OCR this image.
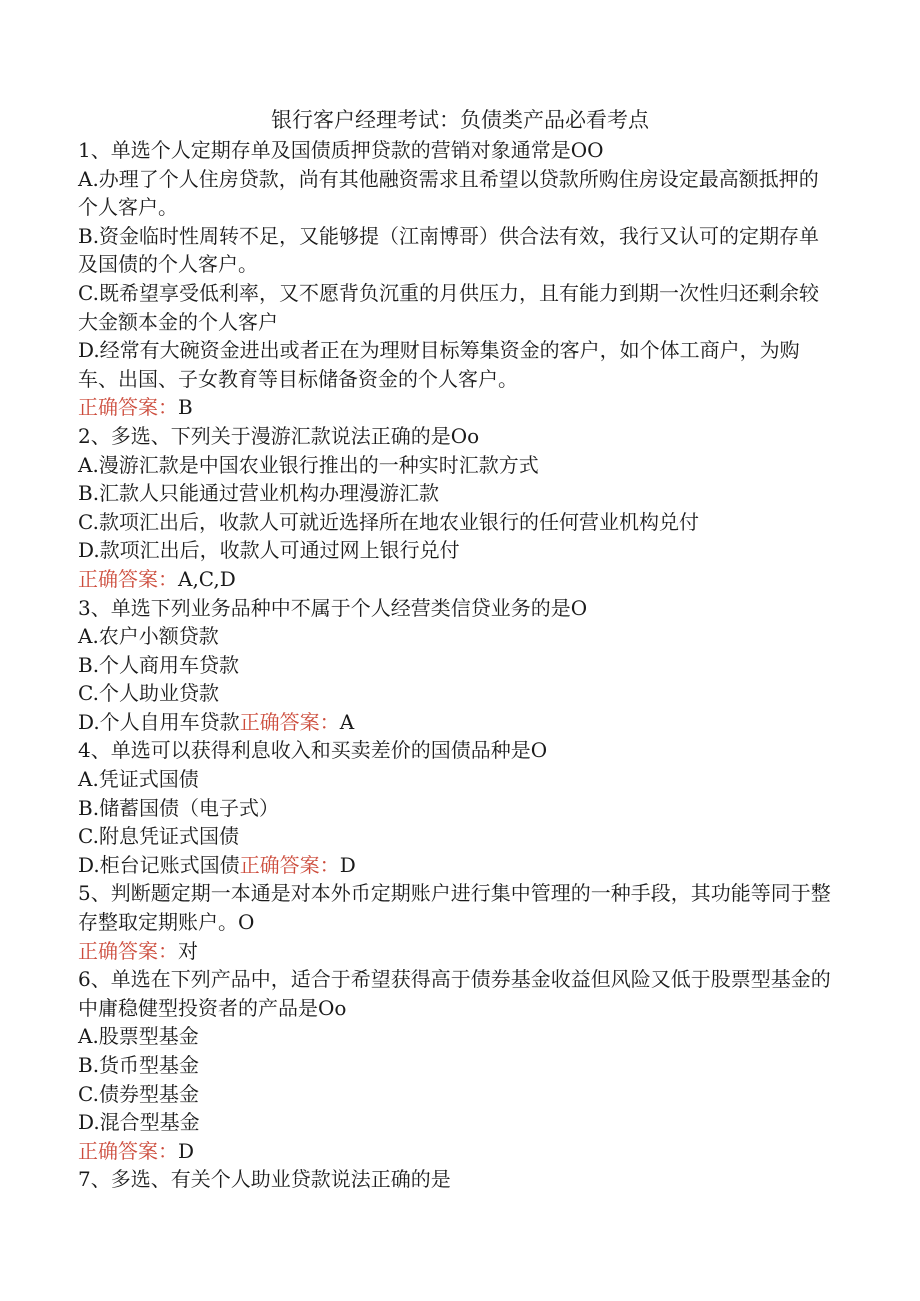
银行客户经理考试：负债类产品必看考点
1、单选个人定期存单及国债质押贷款的营销对象通常是OO
A.办理了个人住房贷款，尚有其他融资需求且希望以贷款所购住房设定最高额抵押的个人客户。
B.资金临时性周转不足，又能够提（江南博哥）供合法有效，我行又认可的定期存单及国债的个人客户。
C.既希望享受低利率，又不愿背负沉重的月供压力，且有能力到期一次性归还剩余较大金额本金的个人客户
D.经常有大碗资金进出或者正在为理财目标筹集资金的客户，如个体工商户，为购车、出国、子女教育等目标储备资金的个人客户。
正确答案：B
2、多选、下列关于漫游汇款说法正确的是Oo
A.漫游汇款是中国农业银行推出的一种实时汇款方式
B.汇款人只能通过营业机构办理漫游汇款
C.款项汇出后，收款人可就近选择所在地农业银行的任何营业机构兑付
D.款项汇出后，收款人可通过网上银行兑付
正确答案：A,C,D
3、单选下列业务品种中不属于个人经营类信贷业务的是O
A.农户小额贷款
B.个人商用车贷款
C.个人助业贷款
D.个人自用车贷款正确答案：A
4、单选可以获得利息收入和买卖差价的国债品种是O
A.凭证式国债
B.储蓄国债（电子式）
C.附息凭证式国债
D.柜台记账式国债正确答案：D
5、判断题定期一本通是对本外币定期账户进行集中管理的一种手段，其功能等同于整存整取定期账户。O
正确答案：对
6、单选在下列产品中，适合于希望获得高于债券基金收益但风险又低于股票型基金的中庸稳健型投资者的产品是Oo
A.股票型基金
B.货币型基金
C.债券型基金
D.混合型基金
正确答案：D
7、多选、有关个人助业贷款说法正确的是
